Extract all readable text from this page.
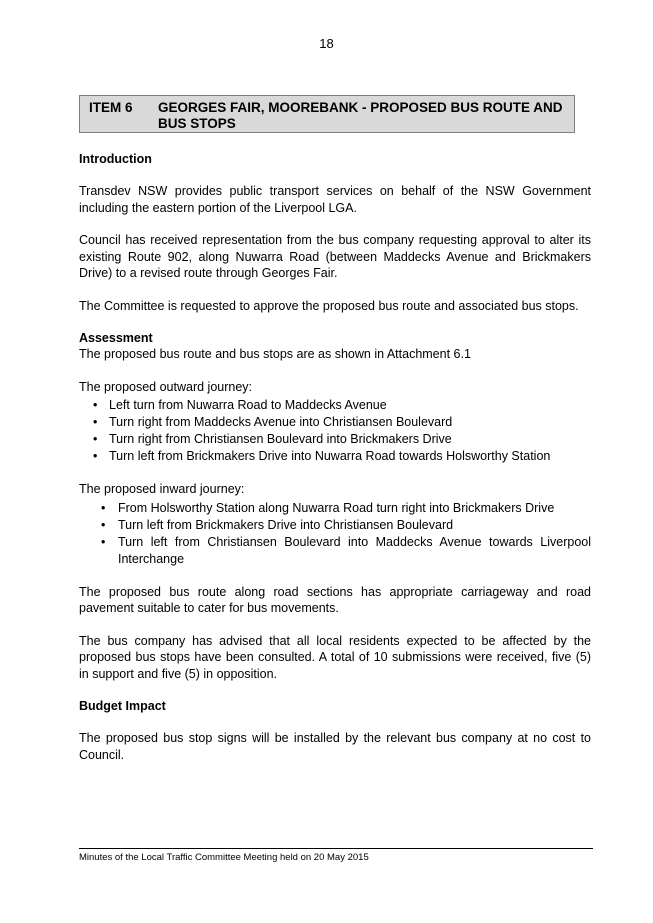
18
ITEM 6 GEORGES FAIR, MOOREBANK - PROPOSED BUS ROUTE AND BUS STOPS

Introduction

Transdev NSW provides public transport services on behalf of the NSW Government including the eastern portion of the Liverpool LGA.

Council has received representation from the bus company requesting approval to alter its existing Route 902, along Nuwarra Road (between Maddecks Avenue and Brickmakers Drive) to a revised route through Georges Fair.

The Committee is requested to approve the proposed bus route and associated bus stops.

Assessment

The proposed bus route and bus stops are as shown in Attachment 6.1

The proposed outward journey:

• Left turn from Nuwarra Road to Maddecks Avenue
• Turn right from Maddecks Avenue into Christiansen Boulevard
• Turn right from Christiansen Boulevard into Brickmakers Drive
• Turn left from Brickmakers Drive into Nuwarra Road towards Holsworthy Station

The proposed inward journey:

• From Holsworthy Station along Nuwarra Road turn right into Brickmakers Drive
• Turn left from Brickmakers Drive into Christiansen Boulevard
• Turn left from Christiansen Boulevard into Maddecks Avenue towards Liverpool Interchange

The proposed bus route along road sections has appropriate carriageway and road pavement suitable to cater for bus movements.

The bus company has advised that all local residents expected to be affected by the proposed bus stops have been consulted. A total of 10 submissions were received, five (5) in support and five (5) in opposition.

Budget Impact

The proposed bus stop signs will be installed by the relevant bus company at no cost to Council.

Minutes of the Local Traffic Committee Meeting held on 20 May 2015
